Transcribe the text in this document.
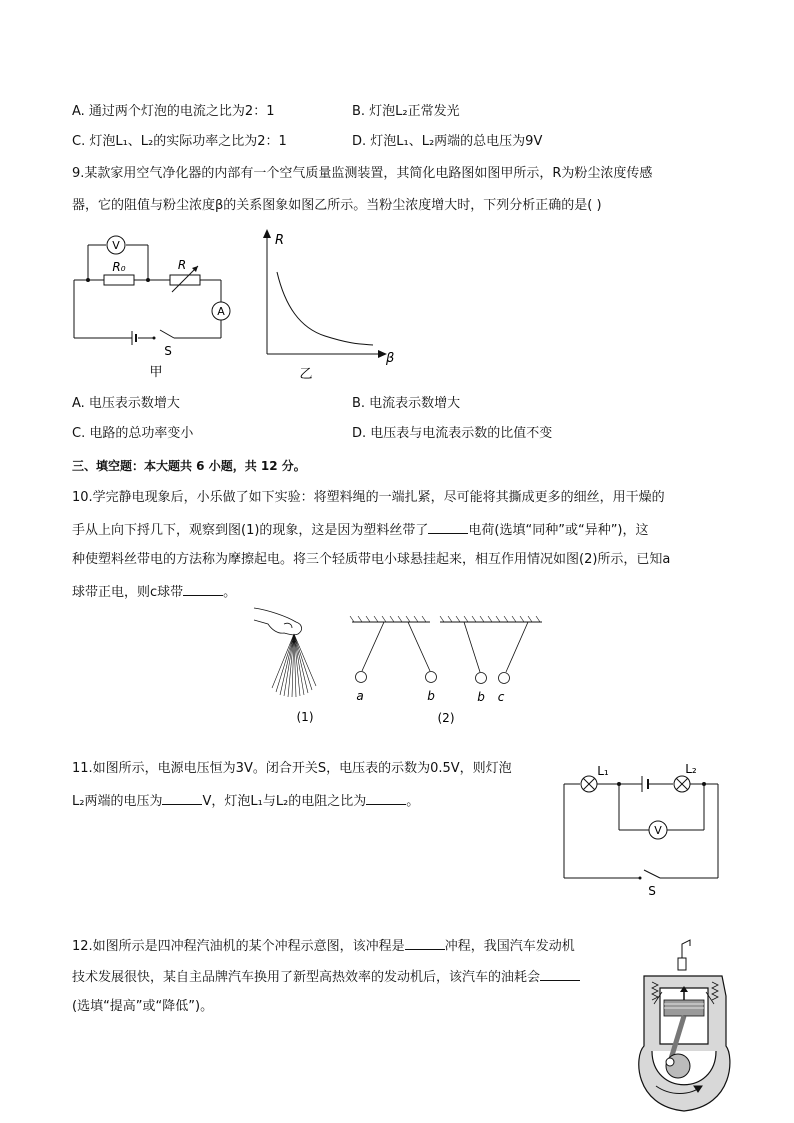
A. 通过两个灯泡的电流之比为2：1	B. 灯泡L₂正常发光
C. 灯泡L₁、L₂的实际功率之比为2：1	D. 灯泡L₁、L₂两端的总电压为9V
9.某款家用空气净化器的内部有一个空气质量监测装置，其简化电路图如图甲所示，R为粉尘浓度传感
器，它的阻值与粉尘浓度β的关系图象如图乙所示。当粉尘浓度增大时，下列分析正确的是( )
V
R₀	R
A
S
甲
R
β
乙
A. 电压表示数增大	B. 电流表示数增大
C. 电路的总功率变小	D. 电压表与电流表示数的比值不变
三、填空题：本大题共 6 小题，共 12 分。
10.学完静电现象后，小乐做了如下实验：将塑料绳的一端扎紧，尽可能将其撕成更多的细丝，用干燥的
手从上向下捋几下，观察到图(1)的现象，这是因为塑料丝带了	电荷(选填“同种”或“异种”)，这
种使塑料丝带电的方法称为摩擦起电。将三个轻质带电小球悬挂起来，相互作用情况如图(2)所示，已知a
球带正电，则c球带	。
(1)
a	b	b c
(2)
11.如图所示，电源电压恒为3V。闭合开关S，电压表的示数为0.5V，则灯泡
L₂两端的电压为	V，灯泡L₁与L₂的电阻之比为	。
L₁	L₂
V
S
12.如图所示是四冲程汽油机的某个冲程示意图，该冲程是	冲程，我国汽车发动机
技术发展很快，某自主品牌汽车换用了新型高热效率的发动机后，该汽车的油耗会
(选填“提高”或“降低”)。
